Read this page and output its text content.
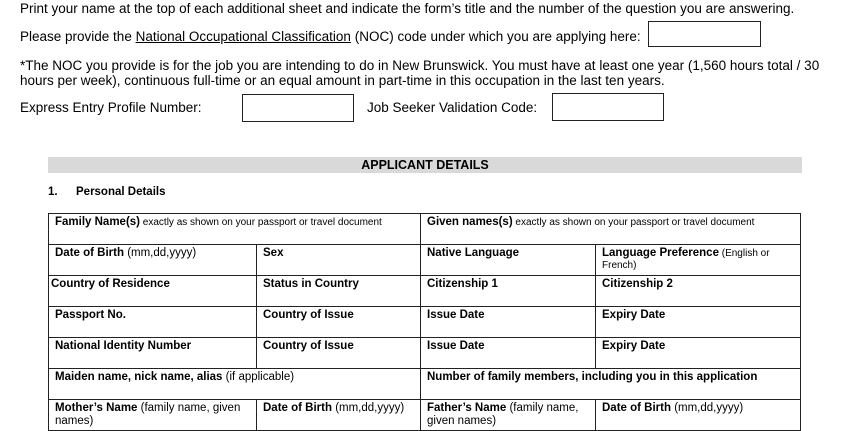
Print your name at the top of each additional sheet and indicate the form’s title and the number of the question you are answering.
Please provide the National Occupational Classification (NOC) code under which you are applying here:
*The NOC you provide is for the job you are intending to do in New Brunswick. You must have at least one year (1,560 hours total / 30
hours per week), continuous full-time or an equal amount in part-time in this occupation in the last ten years.
Express Entry Profile Number:	Job Seeker Validation Code:
APPLICANT DETAILS
1. Personal Details
Family Name(s) exactly as shown on your passport or travel document		Given names(s) exactly as shown on your passport or travel document	
Date of Birth (mm,dd,yyyy)	Sex	Native Language	Language Preference (English or French)
Country of Residence	Status in Country	Citizenship 1	Citizenship 2
Passport No.	Country of Issue	Issue Date	Expiry Date
National Identity Number	Country of Issue	Issue Date	Expiry Date
Maiden name, nick name, alias (if applicable)		Number of family members, including you in this application	
Mother’s Name (family name, given names)	Date of Birth (mm,dd,yyyy)	Father’s Name (family name, given names)	Date of Birth (mm,dd,yyyy)
